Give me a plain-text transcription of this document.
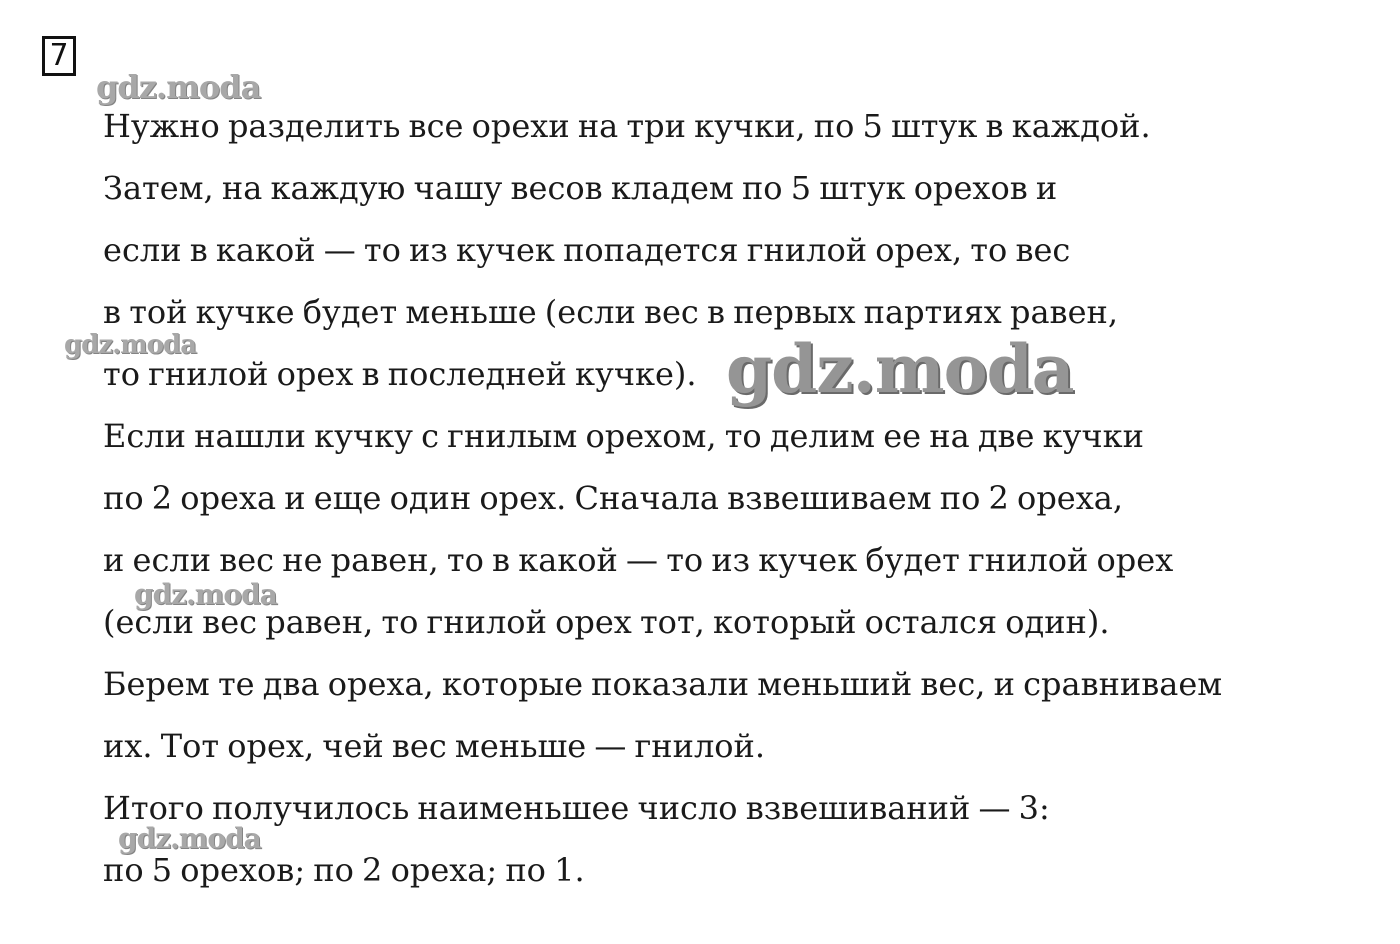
7
Нужно разделить все орехи на три кучки, по 5 штук в каждой.
Затем, на каждую чашу весов кладем по 5 штук орехов и
если в какой — то из кучек попадется гнилой орех, то вес
в той кучке будет меньше (если вес в первых партиях равен,
то гнилой орех в последней кучке).
Если нашли кучку с гнилым орехом, то делим ее на две кучки
по 2 ореха и еще один орех. Сначала взвешиваем по 2 ореха,
и если вес не равен, то в какой — то из кучек будет гнилой орех
(если вес равен, то гнилой орех тот, который остался один).
Берем те два ореха, которые показали меньший вес, и сравниваем
их. Тот орех, чей вес меньше — гнилой.
Итого получилось наименьшее число взвешиваний — 3:
по 5 орехов; по 2 ореха; по 1.
gdz.moda
gdz.moda
gdz.moda
gdz.moda
gdz.moda
